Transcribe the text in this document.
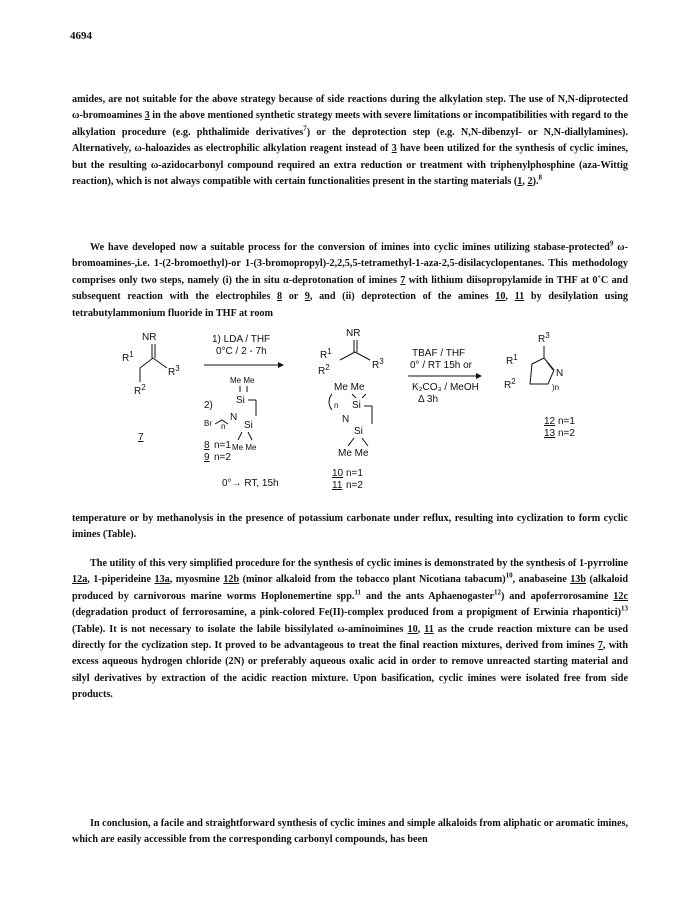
4694

amides, are not suitable for the above strategy because of side reactions during the alkylation step. The use of N,N-diprotected ω-bromoamines 3 in the above mentioned synthetic strategy meets with severe limitations or incompatibilities with regard to the alkylation procedure (e.g. phthalimide derivatives$^7$) or the deprotection step (e.g. N,N-dibenzyl- or N,N-diallylamines). Alternatively, ω-haloazides as electrophilic alkylation reagent instead of 3 have been utilized for the synthesis of cyclic imines, but the resulting ω-azidocarbonyl compound required an extra reduction or treatment with triphenylphosphine (aza-Wittig reaction), which is not always compatible with certain functionalities present in the starting materials (1, 2).$^8$

We have developed now a suitable process for the conversion of imines into cyclic imines utilizing stabase-protected$^9$ ω-bromoamines-,i.e. 1-(2-bromoethyl)-or 1-(3-bromopropyl)-2,2,5,5-tetramethyl-1-aza-2,5-disilacyclopentanes. This methodology comprises only two steps, namely (i) the in situ α-deprotonation of imines 7 with lithium diisopropylamide in THF at 0˚C and subsequent reaction with the electrophiles 8 or 9, and (ii) deprotection of the amines 10, 11 by desilylation using tetrabutylammonium fluoride in THF at room

NR
$R^1$
$R^3$
$R^2$
7
1) LDA / THF
0°C / 2 - 7h
2)
Me Me
Si
N
Br n Si
Me Me
8 n=1
9 n=2
0°→ RT, 15h
NR
$R^1$
$R^2$	$R^3$
Me Me
n Si
N
Si
Me Me
10 n=1
11 n=2
TBAF / THF
0° / RT 15h or
K₂CO₃ / MeOH
Δ 3h
$R^3$
$R^1$
$R^2$
N
)n
12 n=1
13 n=2

temperature or by methanolysis in the presence of potassium carbonate under reflux, resulting into cyclization to form cyclic imines (Table).

The utility of this very simplified procedure for the synthesis of cyclic imines is demonstrated by the synthesis of 1-pyrroline 12a, 1-piperideine 13a, myosmine 12b (minor alkaloid from the tobacco plant Nicotiana tabacum)$^{10}$, anabaseine 13b (alkaloid produced by carnivorous marine worms Hoplonemertine spp.$^{11}$ and the ants Aphaenogaster$^{12}$) and apoferrorosamine 12c (degradation product of ferrorosamine, a pink-colored Fe(II)-complex produced from a propigment of Erwinia rhapontici)$^{13}$ (Table). It is not necessary to isolate the labile bissilylated ω-aminoimines 10, 11 as the crude reaction mixture can be used directly for the cyclization step. It proved to be advantageous to treat the final reaction mixtures, derived from imines 7, with excess aqueous hydrogen chloride (2N) or preferably aqueous oxalic acid in order to remove unreacted starting material and silyl derivatives by extraction of the acidic reaction mixture. Upon basification, cyclic imines were isolated free from side products.

In conclusion, a facile and straightforward synthesis of cyclic imines and simple alkaloids from aliphatic or aromatic imines, which are easily accessible from the corresponding carbonyl compounds, has been
